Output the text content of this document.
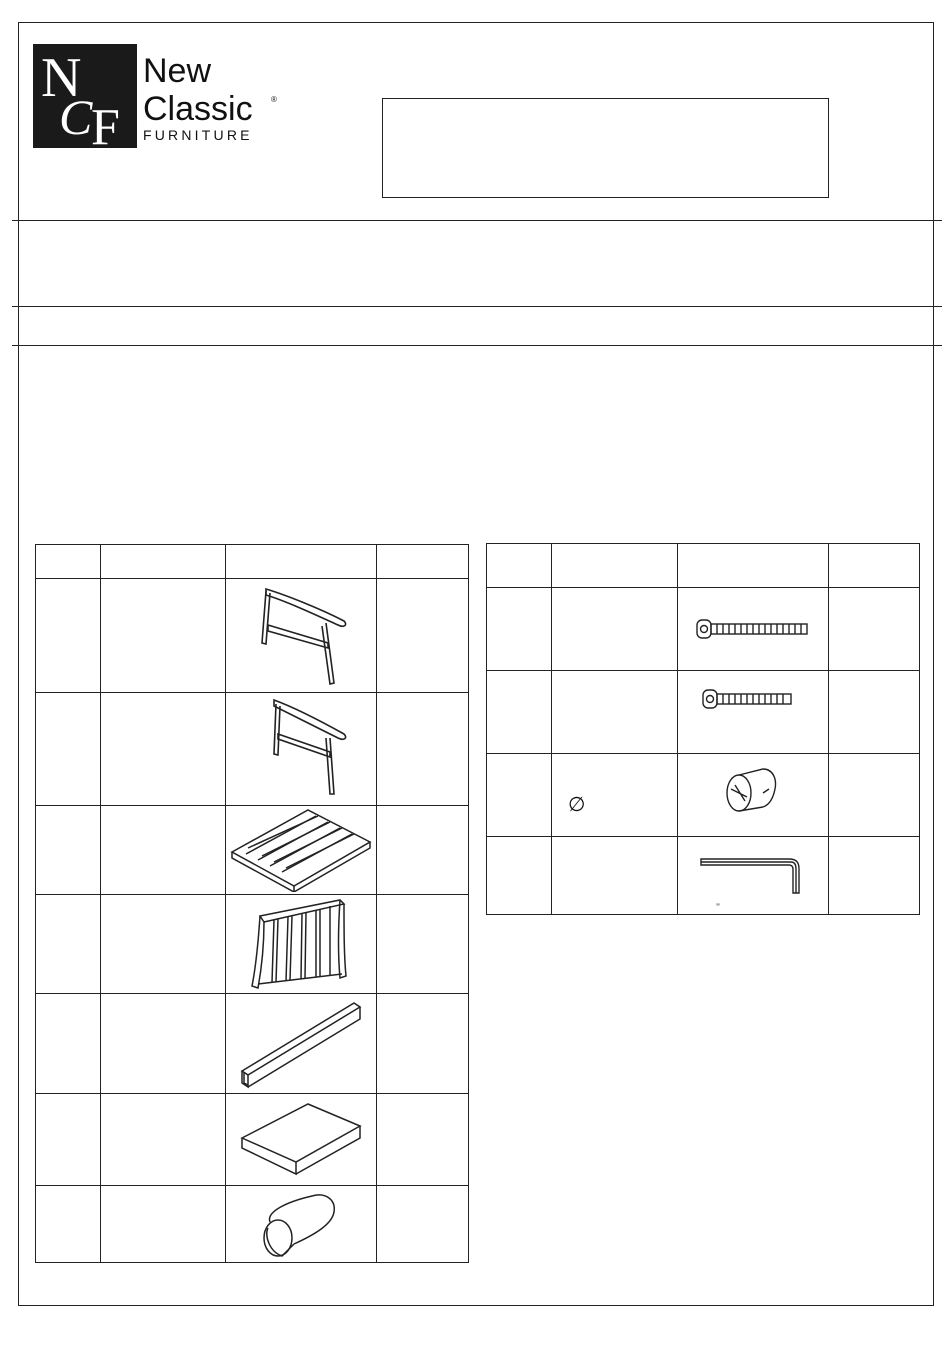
N
C
F
New
Classic ®
FURNITURE

	∅	

		’’	
